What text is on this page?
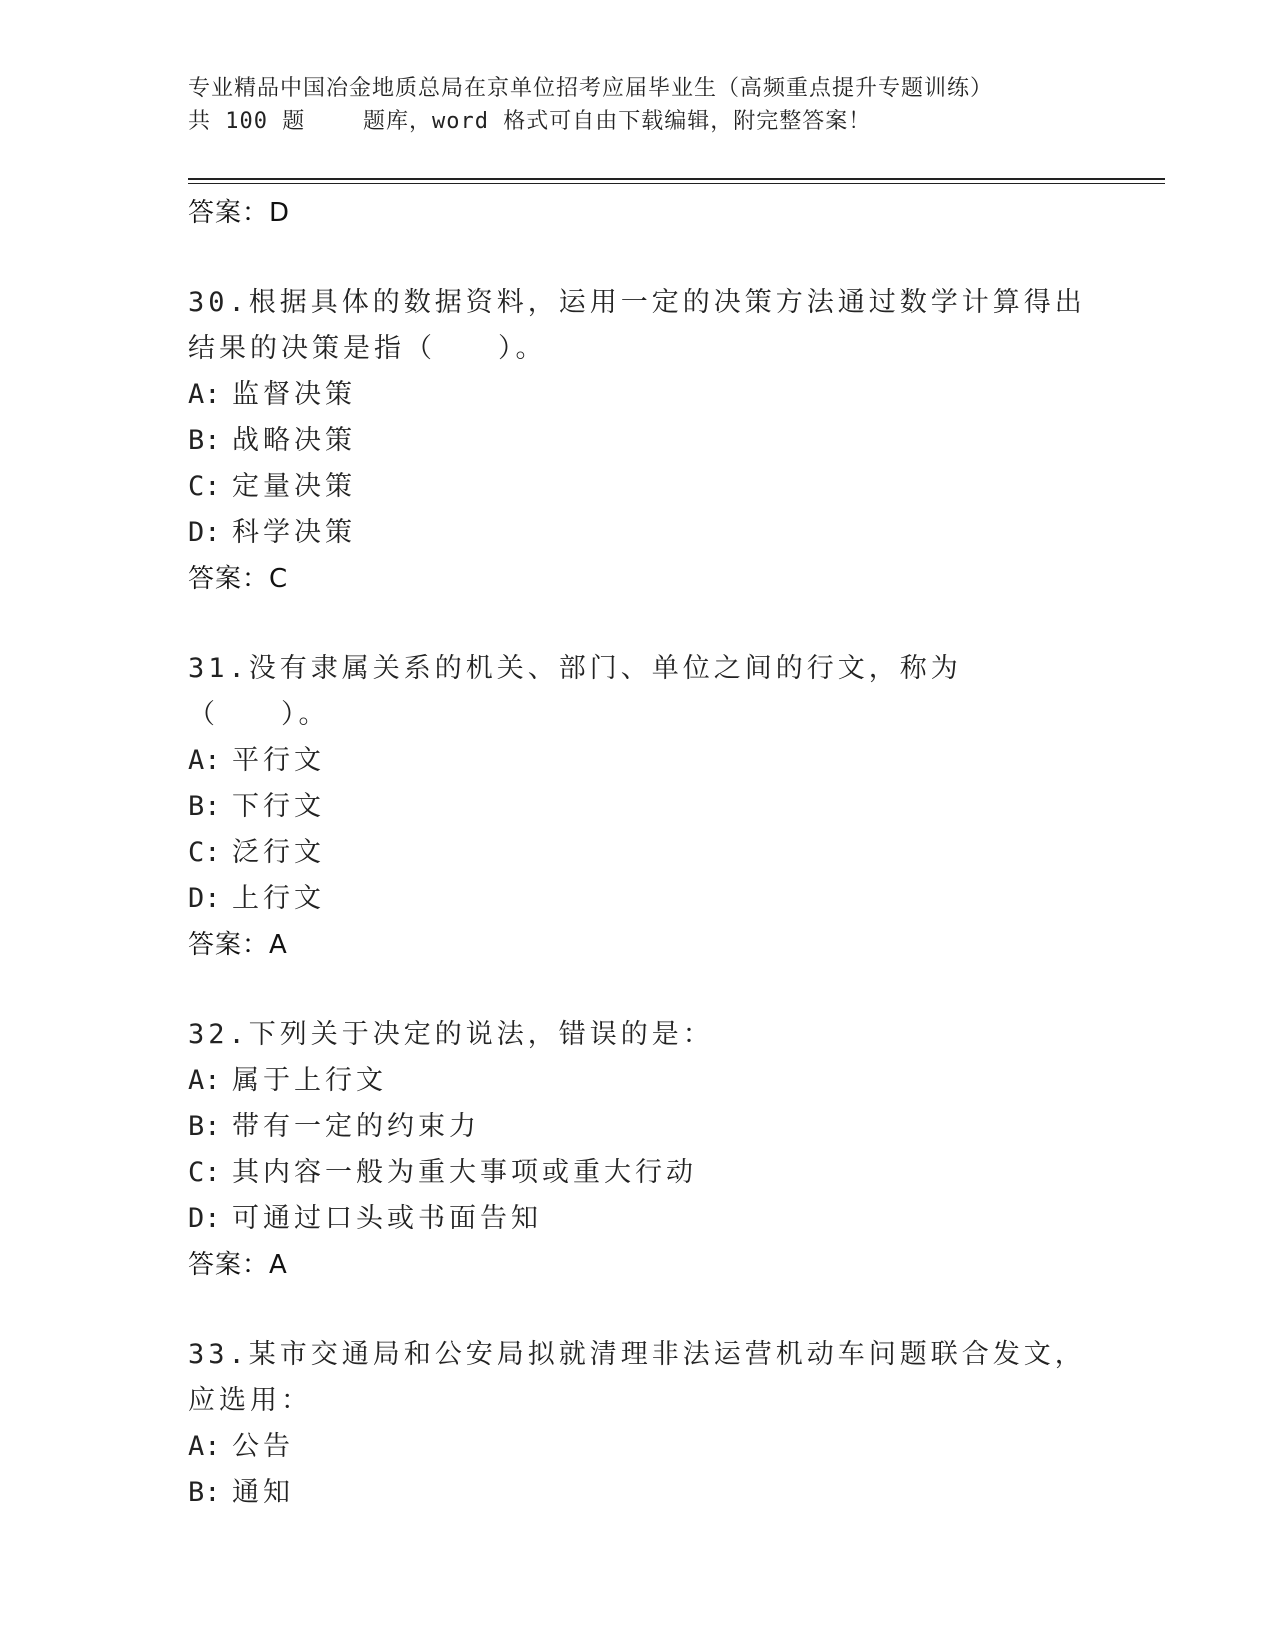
专业精品中国冶金地质总局在京单位招考应届毕业生（高频重点提升专题训练）
共 100 题	题库，word 格式可自由下载编辑，附完整答案！
答案：D
30.根据具体的数据资料，运用一定的决策方法通过数学计算得出结果的决策是指（　　）。
A: 监督决策
B: 战略决策
C: 定量决策
D: 科学决策
答案：C
31.没有隶属关系的机关、部门、单位之间的行文，称为（　　）。
A: 平行文
B: 下行文
C: 泛行文
D: 上行文
答案：A
32.下列关于决定的说法，错误的是：
A: 属于上行文
B: 带有一定的约束力
C: 其内容一般为重大事项或重大行动
D: 可通过口头或书面告知
答案：A
33.某市交通局和公安局拟就清理非法运营机动车问题联合发文，应选用：
A: 公告
B: 通知
